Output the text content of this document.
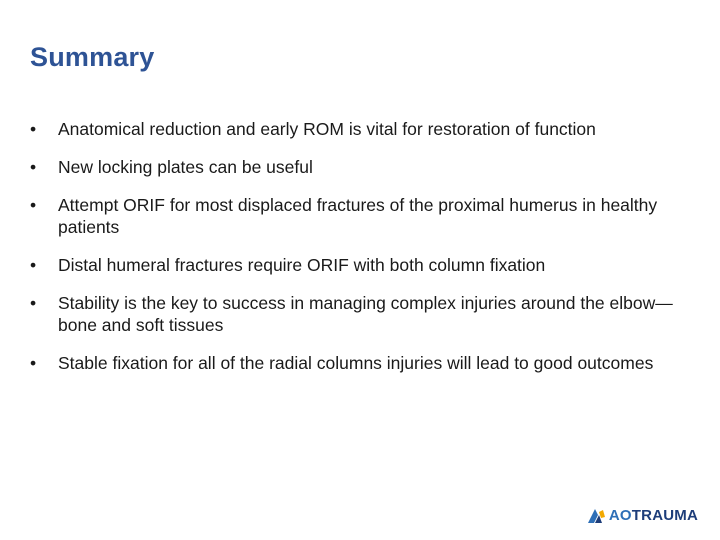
Summary
• Anatomical reduction and early ROM is vital for restoration of function
• New locking plates can be useful
• Attempt ORIF for most displaced fractures of the proximal humerus in healthy patients
• Distal humeral fractures require ORIF with both column fixation
• Stability is the key to success in managing complex injuries around the elbow—bone and soft tissues
• Stable fixation for all of the radial columns injuries will lead to good outcomes
AOTRAUMA
